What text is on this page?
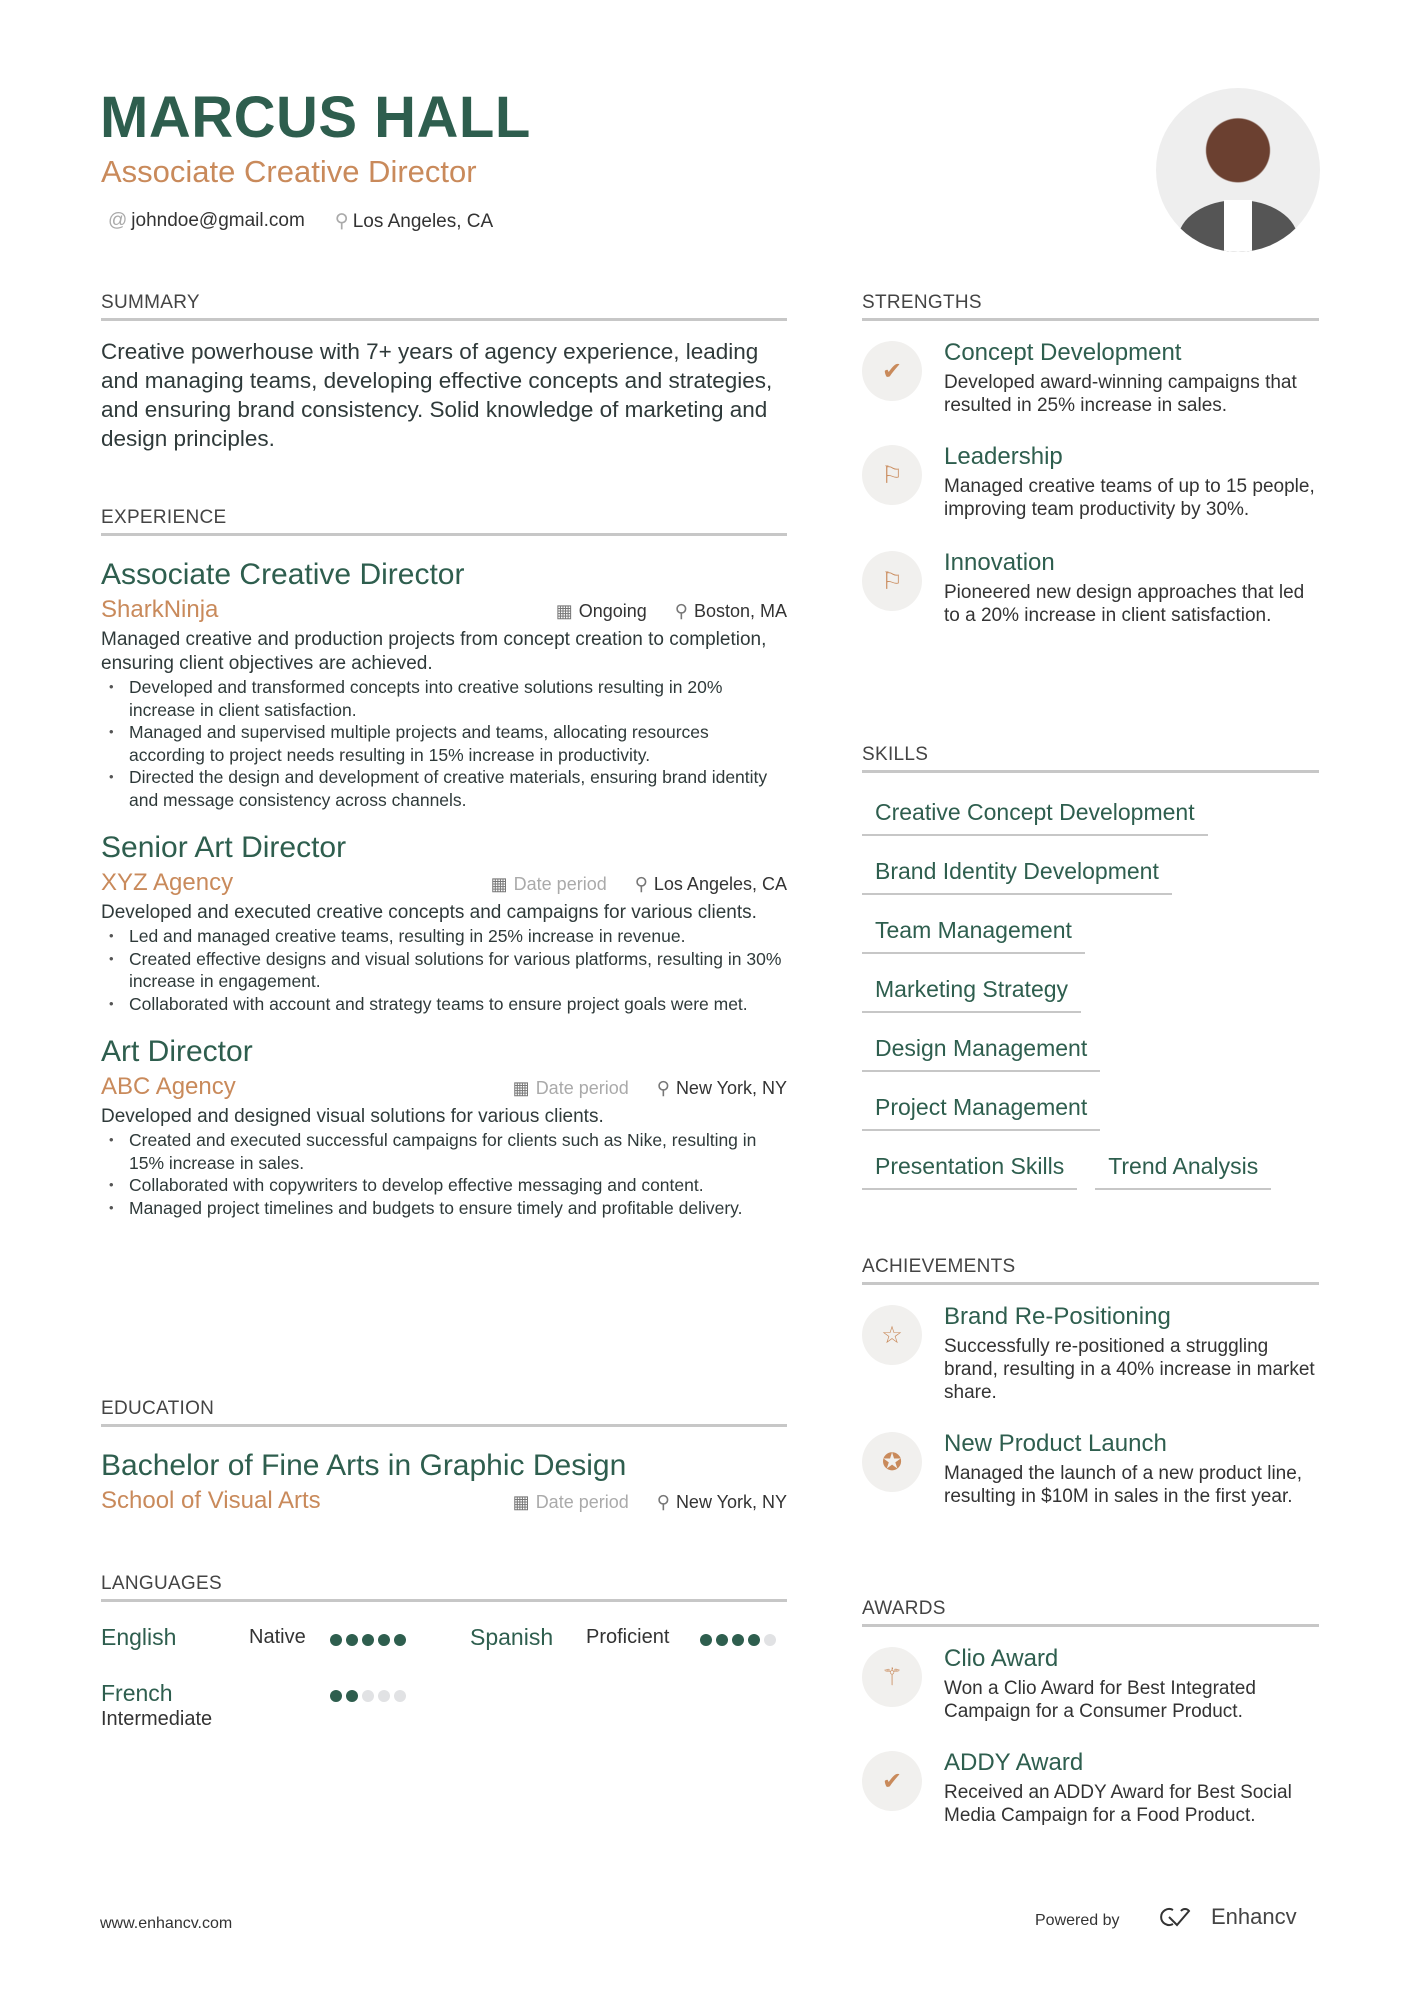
MARCUS HALL
Associate Creative Director
@ johndoe@gmail.com ⚲ Los Angeles, CA
SUMMARY
Creative powerhouse with 7+ years of agency experience, leading and managing teams, developing effective concepts and strategies, and ensuring brand consistency. Solid knowledge of marketing and design principles.
EXPERIENCE
Associate Creative Director
SharkNinja	▦ Ongoing ⚲ Boston, MA
Managed creative and production projects from concept creation to completion, ensuring client objectives are achieved.
• Developed and transformed concepts into creative solutions resulting in 20% increase in client satisfaction.
• Managed and supervised multiple projects and teams, allocating resources according to project needs resulting in 15% increase in productivity.
• Directed the design and development of creative materials, ensuring brand identity and message consistency across channels.
Senior Art Director
XYZ Agency	▦ Date period ⚲ Los Angeles, CA
Developed and executed creative concepts and campaigns for various clients.
• Led and managed creative teams, resulting in 25% increase in revenue.
• Created effective designs and visual solutions for various platforms, resulting in 30% increase in engagement.
• Collaborated with account and strategy teams to ensure project goals were met.
Art Director
ABC Agency	▦ Date period ⚲ New York, NY
Developed and designed visual solutions for various clients.
• Created and executed successful campaigns for clients such as Nike, resulting in 15% increase in sales.
• Collaborated with copywriters to develop effective messaging and content.
• Managed project timelines and budgets to ensure timely and profitable delivery.
EDUCATION
Bachelor of Fine Arts in Graphic Design
School of Visual Arts	▦ Date period ⚲ New York, NY
LANGUAGES
English	Native	Spanish Proficient
French
Intermediate
STRENGTHS
✔
Concept Development
Developed award-winning campaigns that resulted in 25% increase in sales.
⚐
Leadership
Managed creative teams of up to 15 people, improving team productivity by 30%.
⚐
Innovation
Pioneered new design approaches that led to a 20% increase in client satisfaction.
SKILLS
Creative Concept Development
Brand Identity Development
Team Management
Marketing Strategy
Design Management
Project Management
Presentation Skills	Trend Analysis
ACHIEVEMENTS
☆
Brand Re-Positioning
Successfully re-positioned a struggling brand, resulting in a 40% increase in market share.
✪
New Product Launch
Managed the launch of a new product line, resulting in $10M in sales in the first year.
AWARDS
⚚
Clio Award
Won a Clio Award for Best Integrated Campaign for a Consumer Product.
✔
ADDY Award
Received an ADDY Award for Best Social Media Campaign for a Food Product.
www.enhancv.com	Powered by	Enhancv
